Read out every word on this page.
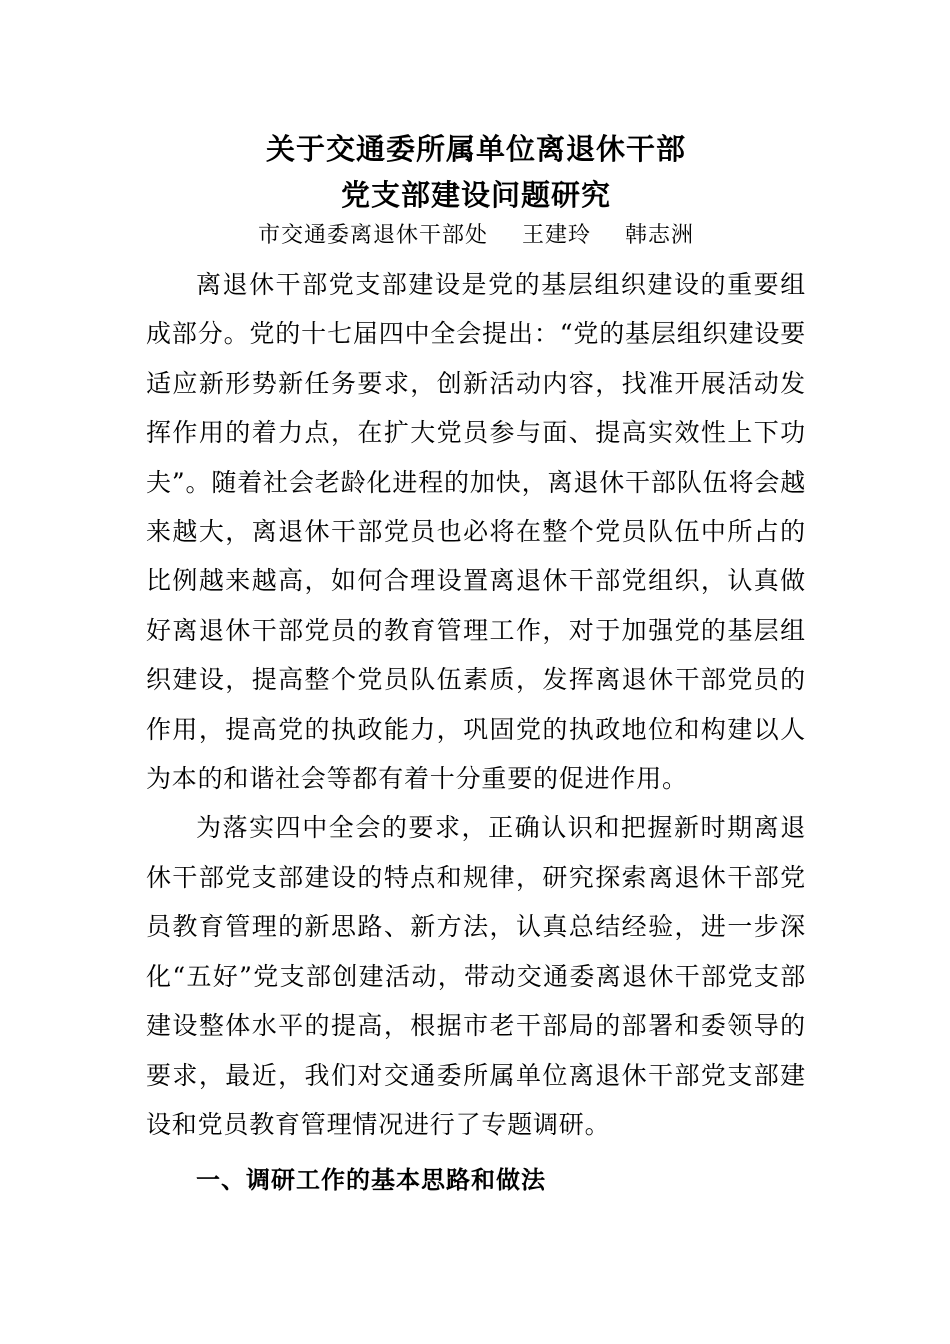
关于交通委所属单位离退休干部
党支部建设问题研究

市交通委离退休干部处 王建玲 韩志洲

离退休干部党支部建设是党的基层组织建设的重要组成部分。党的十七届四中全会提出：“党的基层组织建设要适应新形势新任务要求，创新活动内容，找准开展活动发挥作用的着力点，在扩大党员参与面、提高实效性上下功夫”。随着社会老龄化进程的加快，离退休干部队伍将会越来越大，离退休干部党员也必将在整个党员队伍中所占的比例越来越高，如何合理设置离退休干部党组织，认真做好离退休干部党员的教育管理工作，对于加强党的基层组织建设，提高整个党员队伍素质，发挥离退休干部党员的作用，提高党的执政能力，巩固党的执政地位和构建以人为本的和谐社会等都有着十分重要的促进作用。

为落实四中全会的要求，正确认识和把握新时期离退休干部党支部建设的特点和规律，研究探索离退休干部党员教育管理的新思路、新方法，认真总结经验，进一步深化“五好”党支部创建活动，带动交通委离退休干部党支部建设整体水平的提高，根据市老干部局的部署和委领导的要求，最近，我们对交通委所属单位离退休干部党支部建设和党员教育管理情况进行了专题调研。

一、调研工作的基本思路和做法
